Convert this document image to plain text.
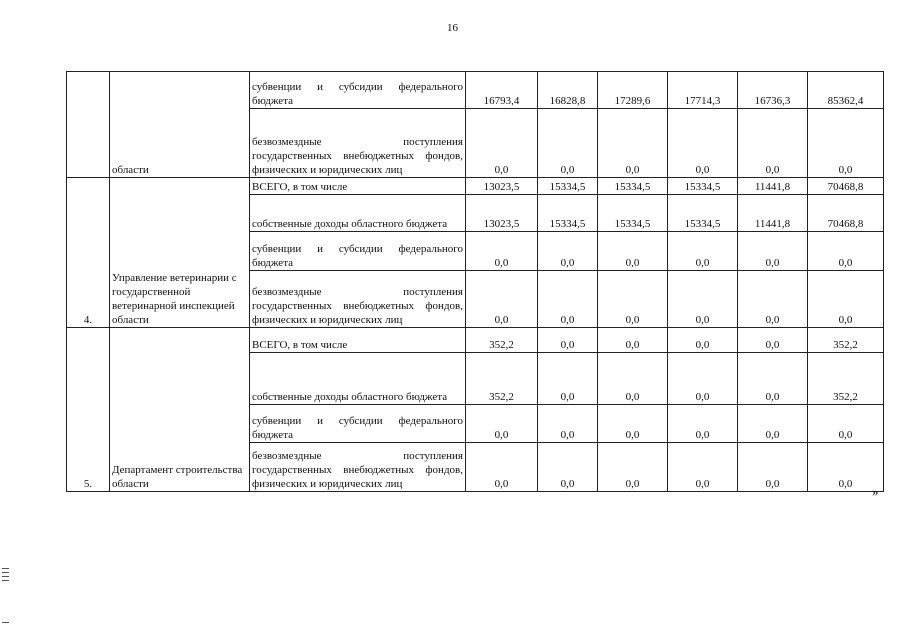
16
	области	субвенции и субсидии федерального бюджета	16793,4	16828,8	17289,6	17714,3	16736,3	85362,4
		безвозмездные поступления государственных внебюджетных фондов, физических и юридических лиц	0,0	0,0	0,0	0,0	0,0	0,0
4.	Управление ветеринарии с государственной ветеринарной инспекцией области	ВСЕГО, в том числе	13023,5	15334,5	15334,5	15334,5	11441,8	70468,8
		собственные доходы областного бюджета	13023,5	15334,5	15334,5	15334,5	11441,8	70468,8
		субвенции и субсидии федерального бюджета	0,0	0,0	0,0	0,0	0,0	0,0
		безвозмездные поступления государственных внебюджетных фондов, физических и юридических лиц	0,0	0,0	0,0	0,0	0,0	0,0
5.	Департамент строительства области	ВСЕГО, в том числе	352,2	0,0	0,0	0,0	0,0	352,2
		собственные доходы областного бюджета	352,2	0,0	0,0	0,0	0,0	352,2
		субвенции и субсидии федерального бюджета	0,0	0,0	0,0	0,0	0,0	0,0
		безвозмездные поступления государственных внебюджетных фондов, физических и юридических лиц	0,0	0,0	0,0	0,0	0,0	0,0 »
